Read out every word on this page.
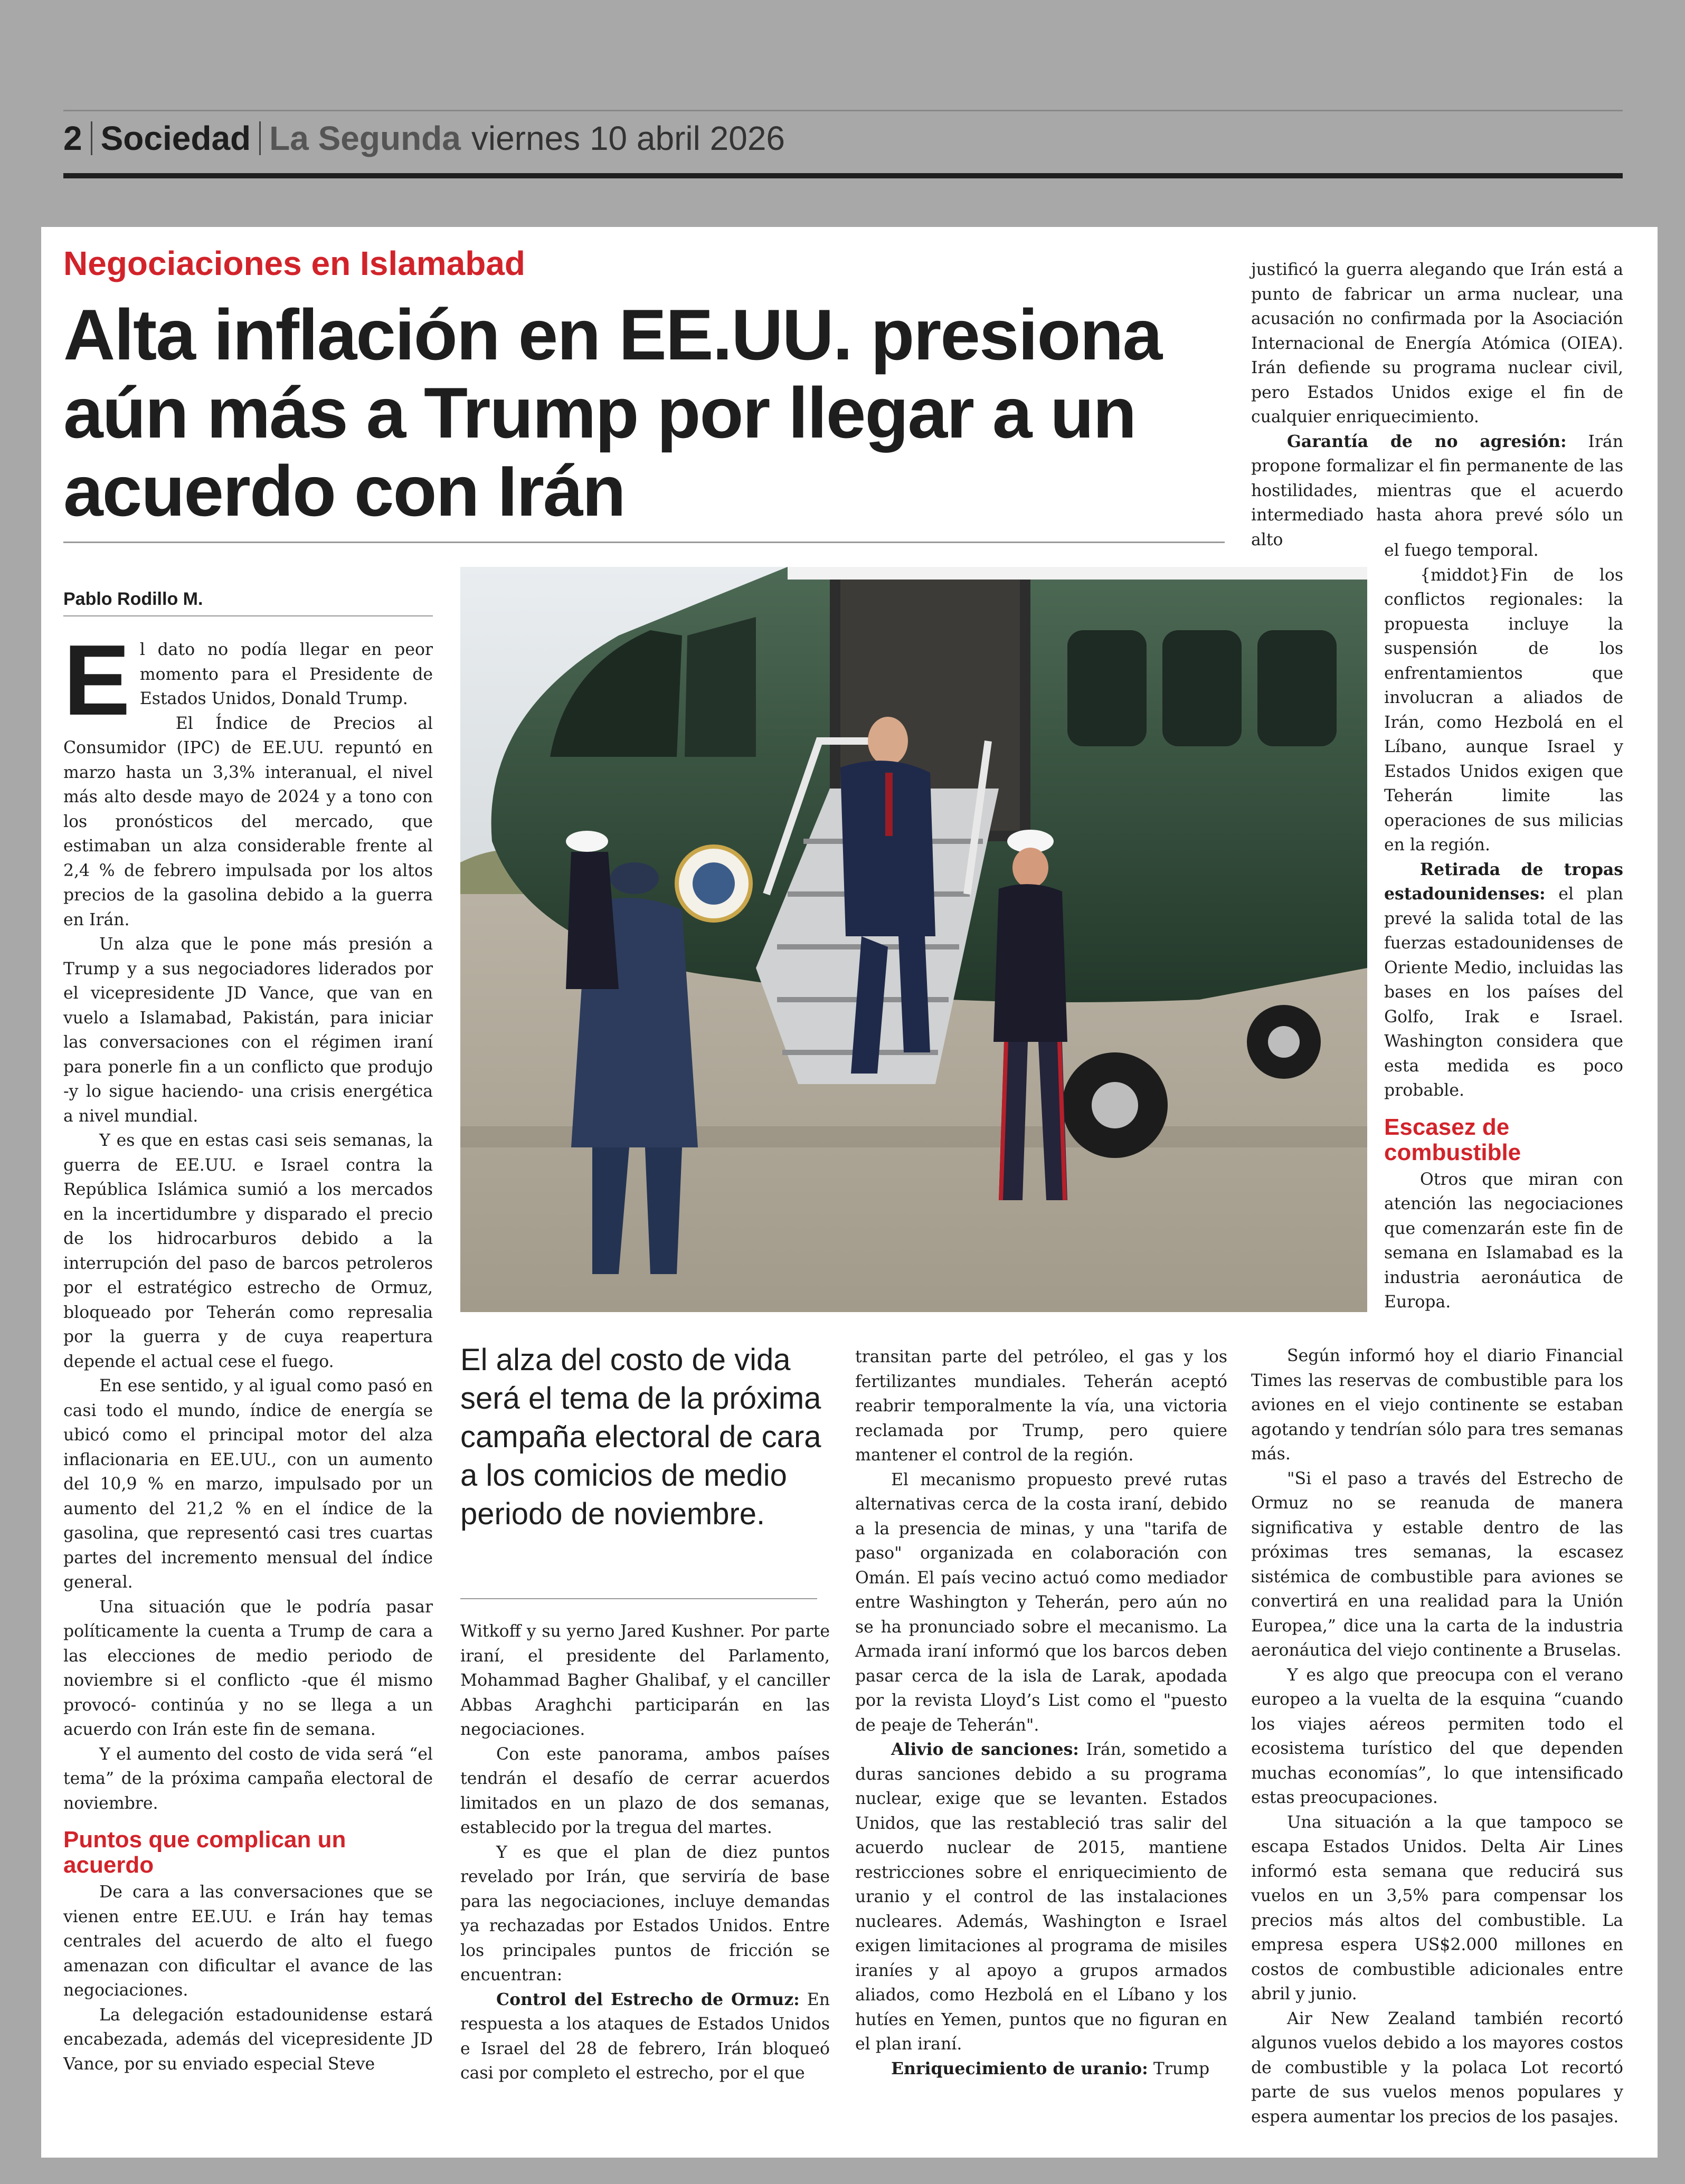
2 Sociedad La Segunda viernes 10 abril 2026
Negociaciones en Islamabad
Alta inflación en EE.UU. presiona aún más a Trump por llegar a un acuerdo con Irán
Pablo Rodillo M.

El dato no podía llegar en peor momento para el Presidente de Estados Unidos, Donald Trump.

El Índice de Precios al Consumidor (IPC) de EE.UU. repuntó en marzo hasta un 3,3% interanual, el nivel más alto desde mayo de 2024 y a tono con los pronósticos del mercado, que estimaban un alza considerable frente al 2,4 % de febrero impulsada por los altos precios de la gasolina debido a la guerra en Irán.

Un alza que le pone más presión a Trump y a sus negociadores liderados por el vicepresidente JD Vance, que van en vuelo a Islamabad, Pakistán, para iniciar las conversaciones con el régimen iraní para ponerle fin a un conflicto que produjo -y lo sigue haciendo- una crisis energética a nivel mundial.

Y es que en estas casi seis semanas, la guerra de EE.UU. e Israel contra la República Islámica sumió a los mercados en la incertidumbre y disparado el precio de los hidrocarburos debido a la interrupción del paso de barcos petroleros por el estratégico estrecho de Ormuz, bloqueado por Teherán como represalia por la guerra y de cuya reapertura depende el actual cese el fuego.

En ese sentido, y al igual como pasó en casi todo el mundo, índice de energía se ubicó como el principal motor del alza inflacionaria en EE.UU., con un aumento del 10,9 % en marzo, impulsado por un aumento del 21,2 % en el índice de la gasolina, que representó casi tres cuartas partes del incremento mensual del índice general.

Una situación que le podría pasar políticamente la cuenta a Trump de cara a las elecciones de medio periodo de noviembre si el conflicto -que él mismo provocó- continúa y no se llega a un acuerdo con Irán este fin de semana.

Y el aumento del costo de vida será “el tema” de la próxima campaña electoral de noviembre.

Puntos que complican un acuerdo

De cara a las conversaciones que se vienen entre EE.UU. e Irán hay temas centrales del acuerdo de alto el fuego amenazan con dificultar el avance de las negociaciones.

La delegación estadounidense estará encabezada, además del vicepresidente JD Vance, por su enviado especial Steve

El alza del costo de vida será el tema de la próxima campaña electoral de cara a los comicios de medio periodo de noviembre.

Witkoff y su yerno Jared Kushner. Por parte iraní, el presidente del Parlamento, Mohammad Bagher Ghalibaf, y el canciller Abbas Araghchi participarán en las negociaciones.

Con este panorama, ambos países tendrán el desafío de cerrar acuerdos limitados en un plazo de dos semanas, establecido por la tregua del martes.

Y es que el plan de diez puntos revelado por Irán, que serviría de base para las negociaciones, incluye demandas ya rechazadas por Estados Unidos. Entre los principales puntos de fricción se encuentran:

Control del Estrecho de Ormuz: En respuesta a los ataques de Estados Unidos e Israel del 28 de febrero, Irán bloqueó casi por completo el estrecho, por el que

transitan parte del petróleo, el gas y los fertilizantes mundiales. Teherán aceptó reabrir temporalmente la vía, una victoria reclamada por Trump, pero quiere mantener el control de la región.

El mecanismo propuesto prevé rutas alternativas cerca de la costa iraní, debido a la presencia de minas, y una "tarifa de paso" organizada en colaboración con Omán. El país vecino actuó como mediador entre Washington y Teherán, pero aún no se ha pronunciado sobre el mecanismo. La Armada iraní informó que los barcos deben pasar cerca de la isla de Larak, apodada por la revista Lloyd’s List como el "puesto de peaje de Teherán".

Alivio de sanciones: Irán, sometido a duras sanciones debido a su programa nuclear, exige que se levanten. Estados Unidos, que las restableció tras salir del acuerdo nuclear de 2015, mantiene restricciones sobre el enriquecimiento de uranio y el control de las instalaciones nucleares. Además, Washington e Israel exigen limitaciones al programa de misiles iraníes y al apoyo a grupos armados aliados, como Hezbolá en el Líbano y los hutíes en Yemen, puntos que no figuran en el plan iraní.

Enriquecimiento de uranio: Trump

justificó la guerra alegando que Irán está a punto de fabricar un arma nuclear, una acusación no confirmada por la Asociación Internacional de Energía Atómica (OIEA). Irán defiende su programa nuclear civil, pero Estados Unidos exige el fin de cualquier enriquecimiento.

Garantía de no agresión: Irán propone formalizar el fin permanente de las hostilidades, mientras que el acuerdo intermediado hasta ahora prevé sólo un alto

el fuego temporal.

{middot}Fin de los conflictos regionales: la propuesta incluye la suspensión de los enfrentamientos que involucran a aliados de Irán, como Hezbolá en el Líbano, aunque Israel y Estados Unidos exigen que Teherán limite las operaciones de sus milicias en la región.

Retirada de tropas estadounidenses: el plan prevé la salida total de las fuerzas estadounidenses de Oriente Medio, incluidas las bases en los países del Golfo, Irak e Israel. Washington considera que esta medida es poco probable.

Escasez de combustible

Otros que miran con atención las negociaciones que comenzarán este fin de semana en Islamabad es la industria aeronáutica de Europa.

Según informó hoy el diario Financial Times las reservas de combustible para los aviones en el viejo continente se estaban agotando y tendrían sólo para tres semanas más.

"Si el paso a través del Estrecho de Ormuz no se reanuda de manera significativa y estable dentro de las próximas tres semanas, la escasez sistémica de combustible para aviones se convertirá en una realidad para la Unión Europea,” dice una la carta de la industria aeronáutica del viejo continente a Bruselas.

Y es algo que preocupa con el verano europeo a la vuelta de la esquina “cuando los viajes aéreos permiten todo el ecosistema turístico del que dependen muchas economías”, lo que intensificado estas preocupaciones.

Una situación a la que tampoco se escapa Estados Unidos. Delta Air Lines informó esta semana que reducirá sus vuelos en un 3,5% para compensar los precios más altos del combustible. La empresa espera US$2.000 millones en costos de combustible adicionales entre abril y junio.

Air New Zealand también recortó algunos vuelos debido a los mayores costos de combustible y la polaca Lot recortó parte de sus vuelos menos populares y espera aumentar los precios de los pasajes.
